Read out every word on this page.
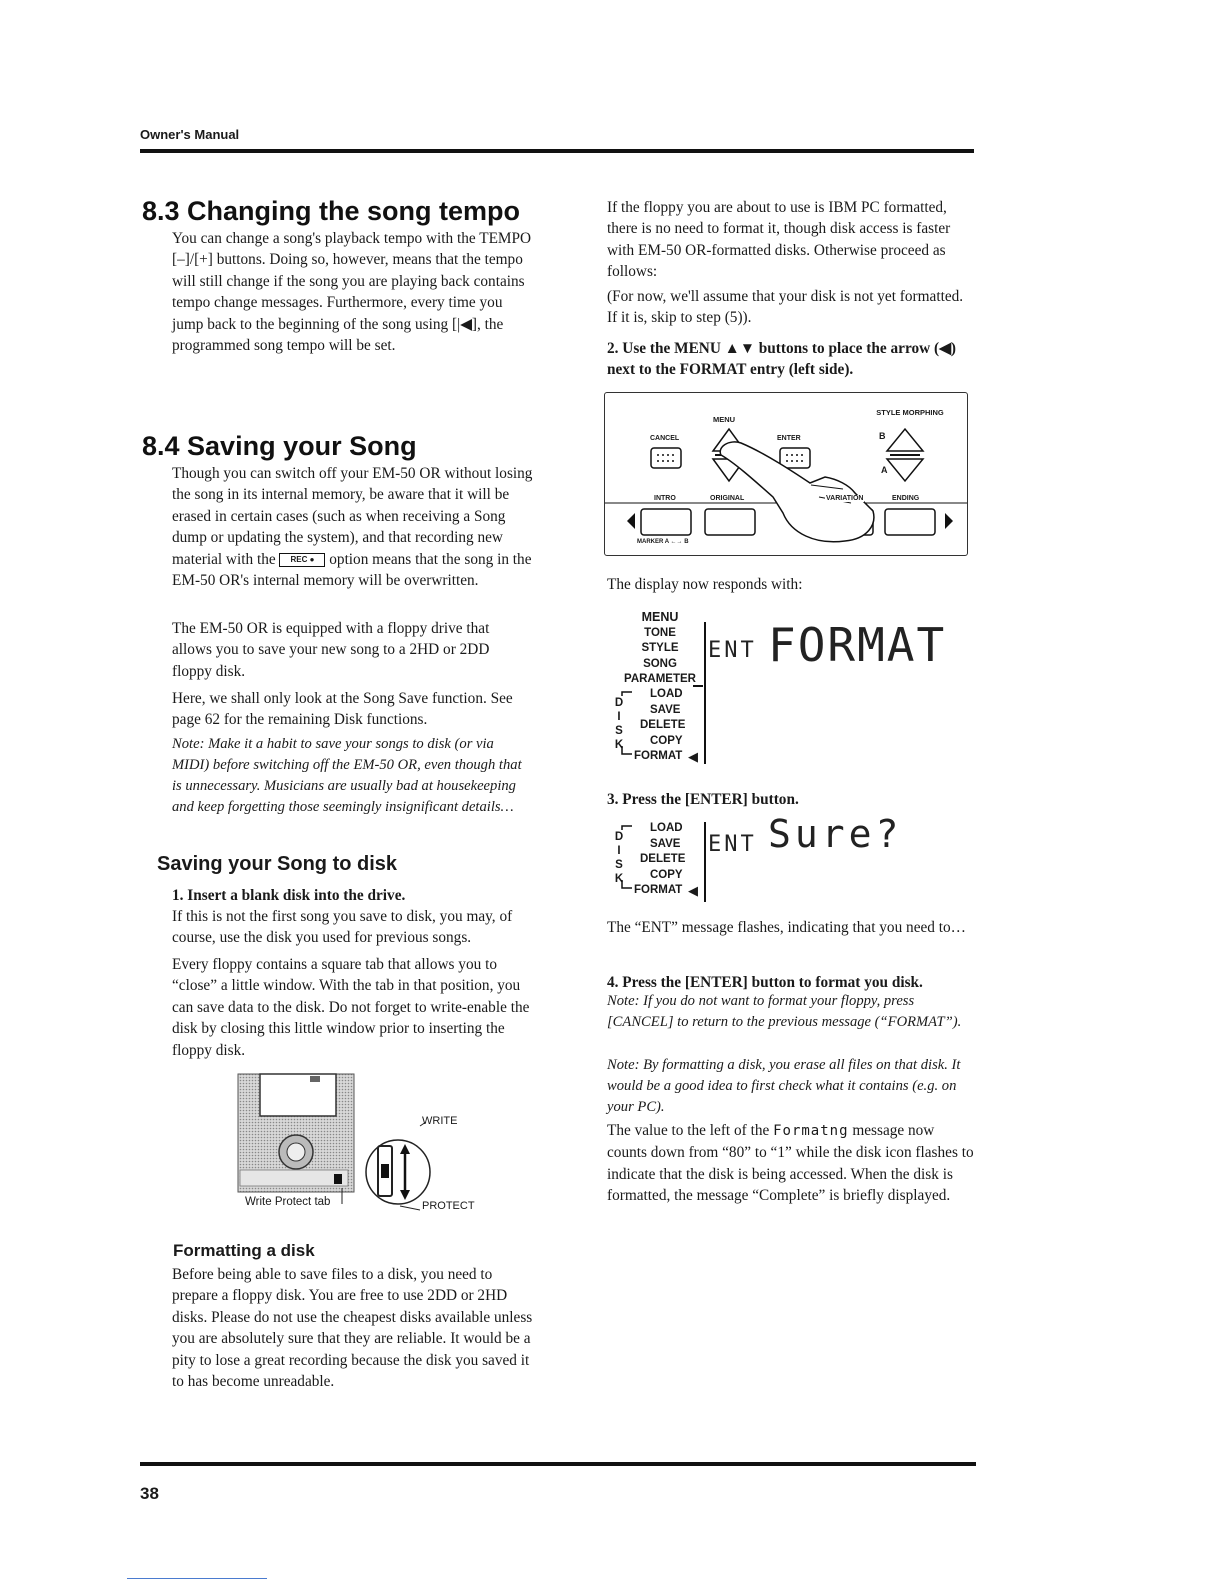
Owner's Manual
8.3 Changing the song tempo

You can change a song's playback tempo with the TEMPO [–]/[+] buttons. Doing so, however, means that the tempo will still change if the song you are playing back contains tempo change messages. Furthermore, every time you jump back to the beginning of the song using [|◀], the programmed song tempo will be set.

8.4 Saving your Song

Though you can switch off your EM-50 OR without losing the song in its internal memory, be aware that it will be erased in certain cases (such as when receiving a Song dump or updating the system), and that recording new material with the REC ● option means that the song in the EM-50 OR's internal memory will be overwritten.

The EM-50 OR is equipped with a floppy drive that allows you to save your new song to a 2HD or 2DD floppy disk.

Here, we shall only look at the Song Save function. See page 62 for the remaining Disk functions.

Note: Make it a habit to save your songs to disk (or via MIDI) before switching off the EM-50 OR, even though that is unnecessary. Musicians are usually bad at housekeeping and keep forgetting those seemingly insignificant details…

Saving your Song to disk

1. Insert a blank disk into the drive.

If this is not the first song you save to disk, you may, of course, use the disk you used for previous songs.

Every floppy contains a square tab that allows you to “close” a little window. With the tab in that position, you can save data to the disk. Do not forget to write-enable the disk by closing this little window prior to inserting the floppy disk.

WRITE
PROTECT
Write Protect tab
Formatting a disk

Before being able to save files to a disk, you need to prepare a floppy disk. You are free to use 2DD or 2HD disks. Please do not use the cheapest disks available unless you are absolutely sure that they are reliable. It would be a pity to lose a great recording because the disk you saved it to has become unreadable.

If the floppy you are about to use is IBM PC formatted, there is no need to format it, though disk access is faster with EM-50 OR-formatted disks. Otherwise proceed as follows:

(For now, we'll assume that your disk is not yet formatted. If it is, skip to step (5)).

2. Use the MENU ▲▼ buttons to place the arrow (◀) next to the FORMAT entry (left side).

MENU
STYLE MORPHING
CANCEL	ENTER	B
A
INTRO	ORIGINAL	VARIATION	ENDING
MARKER A ←→ B

The display now responds with:

MENU
TONE
STYLE
SONG
PARAMETER
D
I
S
K
LOAD
SAVE
DELETE
COPY
FORMAT ◀
ENT FORMAT

3. Press the [ENTER] button.

D
I
S
K
LOAD
SAVE
DELETE
COPY
FORMAT ◀
ENT Sure?

The “ENT” message flashes, indicating that you need to…

4. Press the [ENTER] button to format you disk.

Note: If you do not want to format your floppy, press [CANCEL] to return to the previous message (“FORMAT”).

Note: By formatting a disk, you erase all files on that disk. It would be a good idea to first check what it contains (e.g. on your PC).

The value to the left of the Formatng message now counts down from “80” to “1” while the disk icon flashes to indicate that the disk is being accessed. When the disk is formatted, the message “Complete” is briefly displayed.

38
